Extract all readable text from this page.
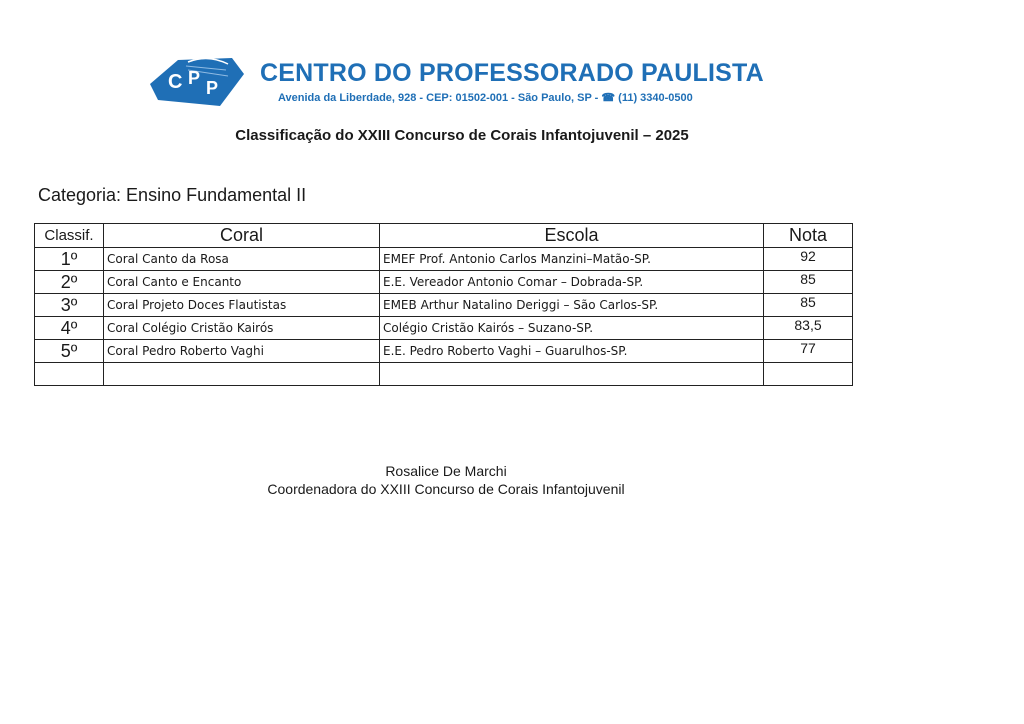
C P P
CENTRO DO PROFESSORADO PAULISTA
Avenida da Liberdade, 928 - CEP: 01502-001 - São Paulo, SP - ☎ (11) 3340-0500
Classificação do XXIII Concurso de Corais Infantojuvenil – 2025
Categoria: Ensino Fundamental II
Classif.	Coral	Escola	Nota
1º	Coral Canto da Rosa	EMEF Prof. Antonio Carlos Manzini–Matão-SP.	92
2º	Coral Canto e Encanto	E.E. Vereador Antonio Comar – Dobrada-SP.	85
3º	Coral Projeto Doces Flautistas	EMEB Arthur Natalino Deriggi – São Carlos-SP.	85
4º	Coral Colégio Cristão Kairós	Colégio Cristão Kairós – Suzano-SP.	83,5
5º	Coral Pedro Roberto Vaghi	E.E. Pedro Roberto Vaghi – Guarulhos-SP.	77

Rosalice De Marchi
Coordenadora do XXIII Concurso de Corais Infantojuvenil
